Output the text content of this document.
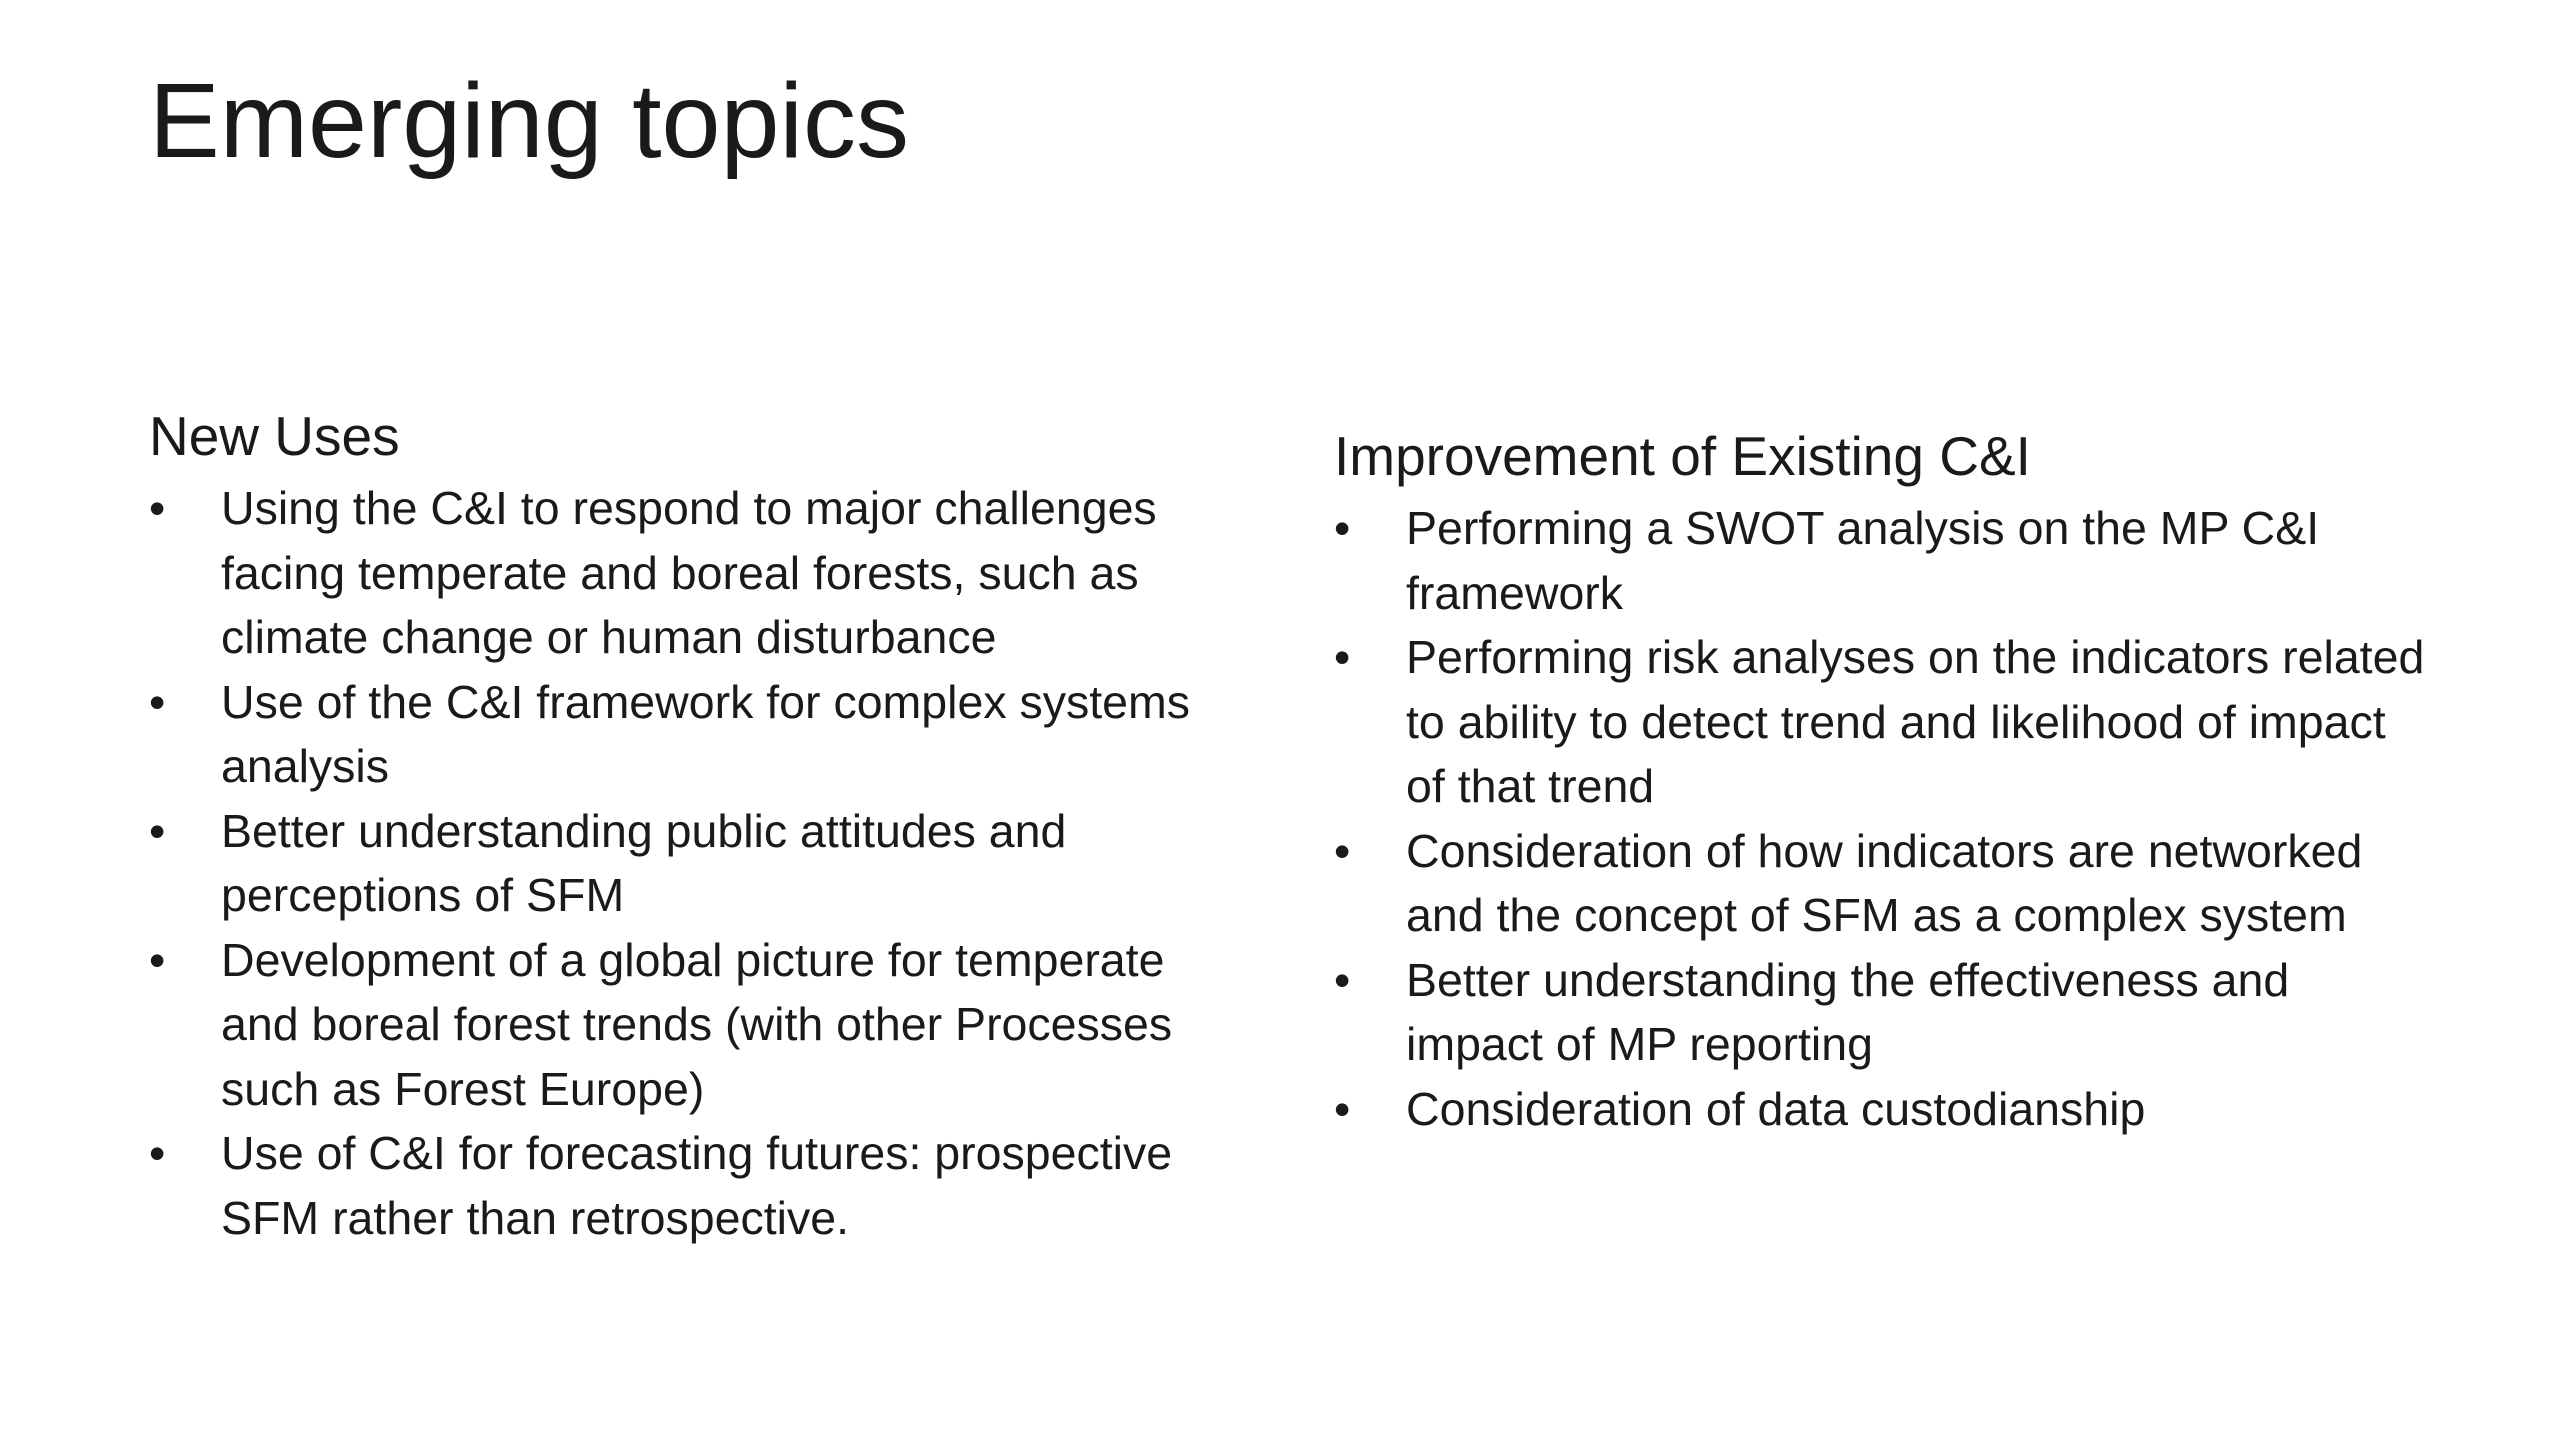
Emerging topics
New Uses
• Using the C&I to respond to major challenges facing temperate and boreal forests, such as climate change or human disturbance
• Use of the C&I framework for complex systems analysis
• Better understanding public attitudes and perceptions of SFM
• Development of a global picture for temperate and boreal forest trends (with other Processes such as Forest Europe)
• Use of C&I for forecasting futures: prospective SFM rather than retrospective.
Improvement of Existing C&I
• Performing a SWOT analysis on the MP C&I framework
• Performing risk analyses on the indicators related to ability to detect trend and likelihood of impact of that trend
• Consideration of how indicators are networked and the concept of SFM as a complex system
• Better understanding the effectiveness and impact of MP reporting
• Consideration of data custodianship
